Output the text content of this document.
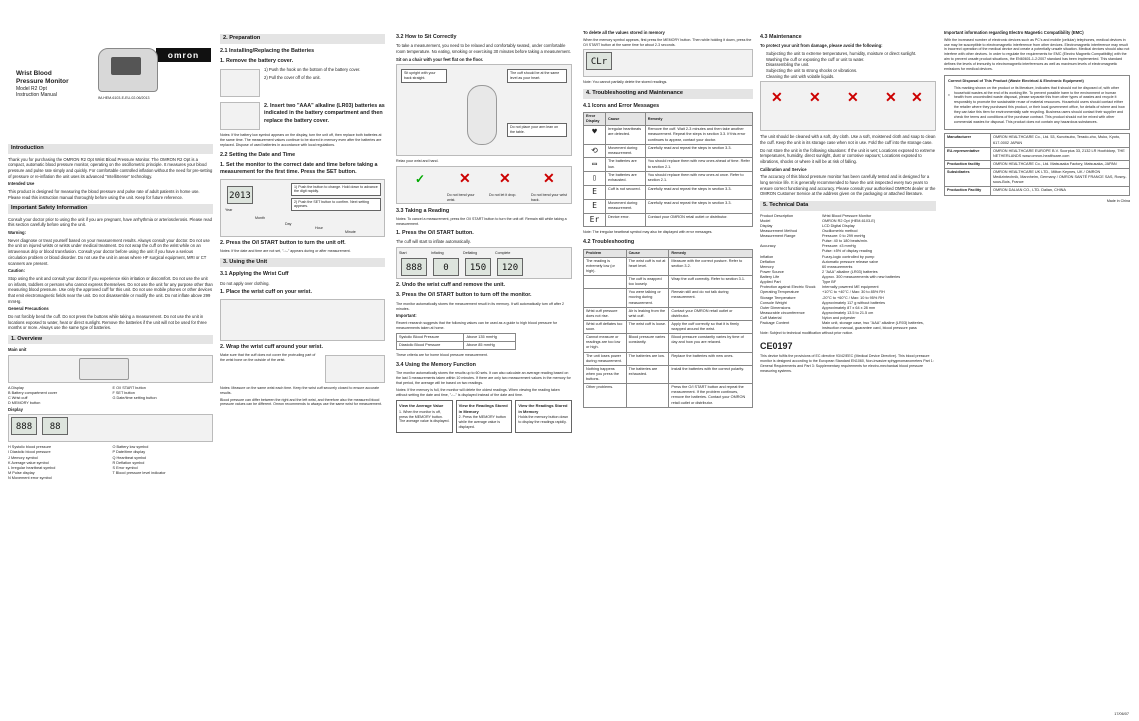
omron
Wrist Blood
Pressure Monitor
Model R2 Opt
Instruction Manual	IM-HEM-6103-E-EU-02-06/2013
Introduction

Thank you for purchasing the OMRON R2 Opt Wrist Blood Pressure Monitor. The OMRON R2 Opt is a compact, automatic blood pressure monitor, operating on the oscillometric principle. It measures your blood pressure and pulse rate simply and quickly. For comfortable controlled inflation without the need for pre-setting of pressure or re-inflation the unit uses its advanced "IntelliSense" technology.

Intended Use

This product is designed for measuring the blood pressure and pulse rate of adult patients in home use. Please read this instruction manual thoroughly before using the unit. Keep for future reference.

Important Safety Information

Consult your doctor prior to using the unit if you are pregnant, have arrhythmia or arteriosclerosis. Please read this section carefully before using the unit.

Warning:

Never diagnose or treat yourself based on your measurement results. Always consult your doctor. Do not use the unit on injured wrists or wrists under medical treatment. Do not wrap the cuff on the wrist while on an intravenous drip or blood transfusion. Consult your doctor before using the unit if you have a serious circulation problem or blood disorder. Do not use the unit in areas where HF surgical equipment, MRI or CT scanners are present.

Caution:

Stop using the unit and consult your doctor if you experience skin irritation or discomfort. Do not use the unit on infants, toddlers or persons who cannot express themselves. Do not use the unit for any purpose other than measuring blood pressure. Use only the approved cuff for this unit. Do not use mobile phones or other devices that emit electromagnetic fields near the unit. Do not disassemble or modify the unit. Do not inflate above 299 mmHg.

General Precautions

Do not forcibly bend the cuff. Do not press the buttons while taking a measurement. Do not use the unit in locations exposed to water, heat or direct sunlight. Remove the batteries if the unit will not be used for three months or more. Always use the same type of batteries.

1. Overview

Main unit

A Display
B Battery compartment cover
C Wrist cuff
D MEMORY button
E O/I START button
F SET button
G Date/time setting button

Display

888 88
H Systolic blood pressure
I Diastolic blood pressure
J Memory symbol
K Average value symbol
L Irregular heartbeat symbol
M Pulse display
N Movement error symbol
O Battery low symbol
P Date/time display
Q Heartbeat symbol
R Deflation symbol
S Error symbol
T Blood pressure level indicator
2. Preparation
2.1 Installing/Replacing the Batteries
1. Remove the battery cover.

1) Push the hook on the bottom of the battery cover.

2) Pull the cover off of the unit.

2. Insert two "AAA" alkaline (LR03) batteries as indicated in the battery compartment and then replace the battery cover.

Notes: If the battery low symbol appears on the display, turn the unit off, then replace both batteries at the same time. The measurement values continue to be stored in memory even after the batteries are replaced. Dispose of used batteries in accordance with local regulations.

2.2 Setting the Date and Time
1. Set the monitor to the correct date and time before taking a measurement for the first time. Press the SET button.
1) Push the button to change. Hold down to advance the digit rapidly.
2) Push the SET button to confirm. Next setting appears.
2013
Year
Month
Day
Hour
Minute
2. Press the O/I START button to turn the unit off.

Notes: If the date and time are not set, "-:--" appears during or after measurement.

3. Using the Unit
3.1 Applying the Wrist Cuff

Do not apply over clothing.

1. Place the wrist cuff on your wrist.
2. Wrap the wrist cuff around your wrist.

Make sure that the cuff does not cover the protruding part of the wrist bone on the outside of the wrist.

Notes: Measure on the same wrist each time. Keep the wrist cuff securely closed to ensure accurate results.

Blood pressure can differ between the right and the left wrist, and therefore also the measured blood pressure values can be different. Omron recommends to always use the same wrist for measurement.

3.2 How to Sit Correctly

To take a measurement, you need to be relaxed and comfortably seated, under comfortable room temperature. No eating, smoking or exercising 30 minutes before taking a measurement.

Sit on a chair with your feet flat on the floor.

Sit upright with your back straight.
The cuff should be at the same level as your heart.
Do not place your arm lean on the table.

Relax your wrist and hand.

✓ ✕ ✕ ✕
Do not bend your wrist.
Do not let it drop.	Do not bend your wrist back.
3.3 Taking a Reading

Notes: To cancel a measurement, press the O/I START button to turn the unit off. Remain still while taking a measurement.

1. Press the O/I START button.

The cuff will start to inflate automatically.

Start
888
Inflating
0
Deflating
150
Complete
120
2. Undo the wrist cuff and remove the unit.
3. Press the O/I START button to turn off the monitor.

The monitor automatically stores the measurement result in its memory. It will automatically turn off after 2 minutes.

Important:

Recent research suggests that the following values can be used as a guide to high blood pressure for measurements taken at home.

Systolic Blood Pressure	Above 135 mmHg
Diastolic Blood Pressure	Above 85 mmHg

These criteria are for home blood pressure measurement.

3.4 Using the Memory Function

The monitor automatically stores the results up to 60 sets. It can also calculate an average reading based on the last 3 measurements taken within 10 minutes. If there are only two measurement values in the memory for that period, the average will be based on two readings.

Notes: If the memory is full, the monitor will delete the oldest readings. When viewing the reading taken without setting the date and time, "-:--" is displayed instead of the date and time.

View the Average Value
1. When the monitor is off, press the MEMORY button. The average value is displayed.
View the Readings Stored in Memory
2. Press the MEMORY button while the average value is displayed.
View the Readings Stored in Memory
Holds the memory button down to display the readings rapidly.

To delete all the values stored in memory

When the memory symbol appears, first press the MEMORY button. Then while holding it down, press the O/I START button at the same time for about 2-3 seconds.

CLr

Note: You cannot partially delete the stored readings.

4. Troubleshooting and Maintenance
4.1 Icons and Error Messages
Error Display	Cause	Remedy
♥	Irregular heartbeats are detected.	Remove the cuff. Wait 2-3 minutes and then take another measurement. Repeat the steps in section 3.3. If this error continues to appear, contact your doctor.
⟲	Movement during measurement.	Carefully read and repeat the steps in section 3.3.
▭	The batteries are low.	You should replace them with new ones ahead of time. Refer to section 2.1.
▯	The batteries are exhausted.	You should replace them with new ones at once. Refer to section 2.1.
E	Cuff is not secured.	Carefully read and repeat the steps in section 3.3.
E	Movement during measurement.	Carefully read and repeat the steps in section 3.3.
Er	Device error.	Contact your OMRON retail outlet or distributor.

Note: The irregular heartbeat symbol may also be displayed with error messages.

4.2 Troubleshooting
Problem	Cause	Remedy
The reading is extremely low (or high).	The wrist cuff is not at heart level.	Measure with the correct posture. Refer to section 3.2.
	The cuff is wrapped too loosely.	Wrap the cuff correctly. Refer to section 3.1.
	You were talking or moving during measurement.	Remain still and do not talk during measurement.
Wrist cuff pressure does not rise.	Air is leaking from the wrist cuff.	Contact your OMRON retail outlet or distributor.
Wrist cuff deflates too soon.	The wrist cuff is loose.	Apply the cuff correctly so that it is firmly wrapped around the wrist.
Cannot measure or readings are too low or high.	Blood pressure varies constantly.	Blood pressure constantly varies by time of day and how you are relaxed.
The unit loses power during measurement.	The batteries are low.	Replace the batteries with new ones.
Nothing happens when you press the buttons.	The batteries are exhausted.	Install the batteries with the correct polarity.
Other problems.		Press the O/I START button and repeat the measurement. If the problem continues, remove the batteries. Contact your OMRON retail outlet or distributor.
4.3 Maintenance

To protect your unit from damage, please avoid the following:

• Subjecting the unit to extreme temperatures, humidity, moisture or direct sunlight.
• Washing the cuff or exposing the cuff or unit to water.
• Disassembling the unit.
• Subjecting the unit to strong shocks or vibrations.
• Cleaning the unit with volatile liquids.
✕ ✕ ✕ ✕ ✕

The unit should be cleaned with a soft, dry cloth. Use a soft, moistened cloth and soap to clean the cuff. Keep the unit in its storage case when not in use. Fold the cuff into the storage case.

Do not store the unit in the following situations: If the unit is wet; Locations exposed to extreme temperatures, humidity, direct sunlight, dust or corrosive vapours; Locations exposed to vibrations, shocks or where it will be at risk of falling.

Calibration and Service

The accuracy of this blood pressure monitor has been carefully tested and is designed for a long service life. It is generally recommended to have the unit inspected every two years to ensure correct functioning and accuracy. Please consult your authorised OMRON dealer or the OMRON Customer Service at the address given on the packaging or attached literature.

5. Technical Data
Product Description	Wrist Blood Pressure Monitor
Model	OMRON R2 Opt (HEM-6103-E)
Display	LCD Digital Display
Measurement Method	Oscillometric method
Measurement Range	Pressure: 0 to 299 mmHg
Pulse: 40 to 180 beats/min.
Accuracy	Pressure: ±3 mmHg
Pulse: ±5% of display reading
Inflation	Fuzzy-logic controlled by pump
Deflation	Automatic pressure release valve
Memory	60 measurements
Power Source	2 "AAA" alkaline (LR03) batteries
Battery Life	Approx. 300 measurements with new batteries
Applied Part	Type BF
Protection against Electric Shock	Internally powered ME equipment
Operating Temperature	+10°C to +40°C / Max: 30 to 85% RH
Storage Temperature	-20°C to +60°C / Max: 10 to 95% RH
Console Weight	Approximately 117 g without batteries
Outer Dimensions	Approximately 87 x 64 x 28 mm
Measurable circumference	Approximately 13.5 to 21.5 cm
Cuff Material	Nylon and polyester
Package Content	Main unit, storage case, two "AAA" alkaline (LR03) batteries, instruction manual, guarantee card, blood pressure pass

Note: Subject to technical modification without prior notice.

CE0197

This device fulfils the provisions of EC directive 93/42/EEC (Medical Device Directive). This blood pressure monitor is designed according to the European Standard EN1060, Non-invasive sphygmomanometers Part 1: General Requirements and Part 3: Supplementary requirements for electro-mechanical blood pressure measuring systems.

Important information regarding Electro Magnetic Compatibility (EMC)

With the increased number of electronic devices such as PC's and mobile (cellular) telephones, medical devices in use may be susceptible to electromagnetic interference from other devices. Electromagnetic interference may result in incorrect operation of the medical device and create a potentially unsafe situation. Medical devices should also not interfere with other devices. In order to regulate the requirements for EMC (Electro Magnetic Compatibility) with the aim to prevent unsafe product situations, the EN60601-1-2:2007 standard has been implemented. This standard defines the levels of immunity to electromagnetic interferences as well as maximum levels of electromagnetic emissions for medical devices.

Correct Disposal of This Product (Waste Electrical & Electronic Equipment)

This marking shown on the product or its literature, indicates that it should not be disposed of, with other household wastes at the end of its working life. To prevent possible harm to the environment or human health from uncontrolled waste disposal, please separate this from other types of wastes and recycle it responsibly to promote the sustainable reuse of material resources. Household users should contact either the retailer where they purchased this product, or their local government office, for details of where and how they can take this item for environmentally safe recycling. Business users should contact their supplier and check the terms and conditions of the purchase contract. This product should not be mixed with other commercial wastes for disposal. This product does not contain any hazardous substances.

Manufacturer	OMRON HEALTHCARE Co., Ltd. 53, Kunotsubo, Terado-cho, Muko, Kyoto, 617-0002 JAPAN
EU-representative	OMRON HEALTHCARE EUROPE B.V. Scorpius 33, 2132 LR Hoofddorp, THE NETHERLANDS www.omron-healthcare.com
Production facility	OMRON HEALTHCARE Co., Ltd. Matsusaka Factory, Matsusaka, JAPAN
Subsidiaries	OMRON HEALTHCARE UK LTD., Milton Keynes, UK / OMRON Medizintechnik, Mannheim, Germany / OMRON SANTÉ FRANCE SAS, Rosny-sous-Bois, France
Production Facility	OMRON DALIAN CO., LTD. Dalian, CHINA

Made in China

17/06/07
